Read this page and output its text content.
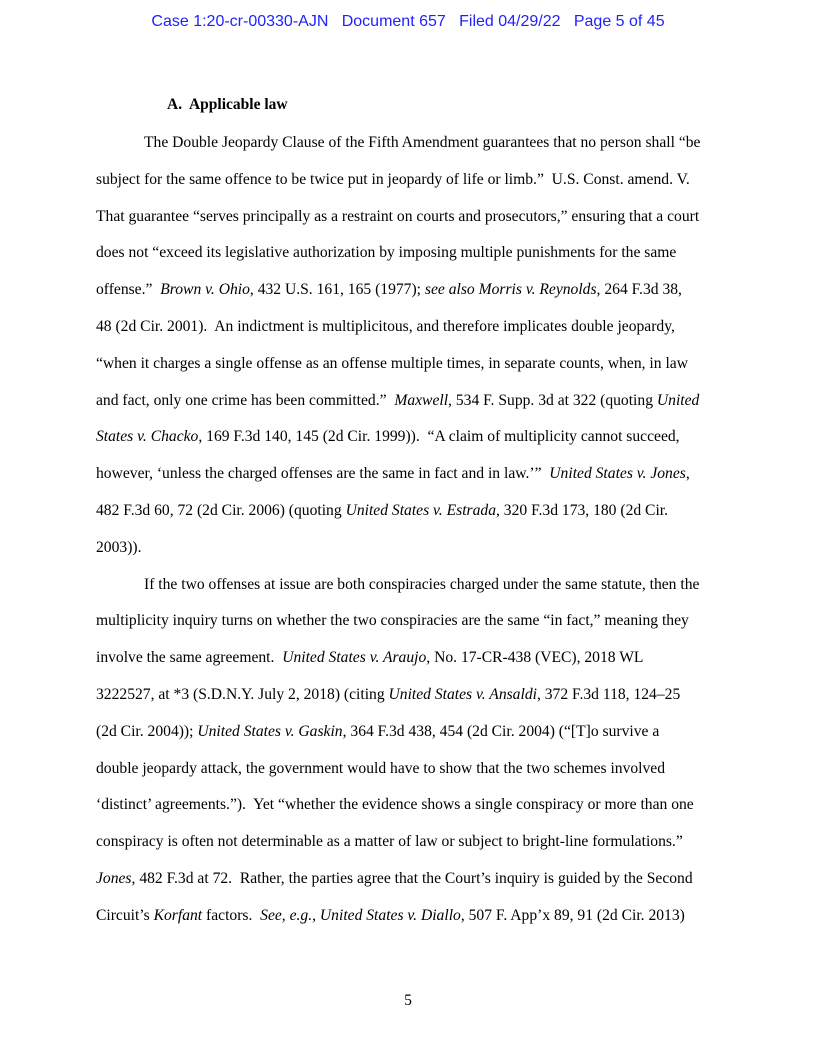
Case 1:20-cr-00330-AJN   Document 657   Filed 04/29/22   Page 5 of 45
A.  Applicable law
The Double Jeopardy Clause of the Fifth Amendment guarantees that no person shall “be
subject for the same offence to be twice put in jeopardy of life or limb.”  U.S. Const. amend. V.
That guarantee “serves principally as a restraint on courts and prosecutors,” ensuring that a court
does not “exceed its legislative authorization by imposing multiple punishments for the same
offense.”  Brown v. Ohio, 432 U.S. 161, 165 (1977); see also Morris v. Reynolds, 264 F.3d 38,
48 (2d Cir. 2001).  An indictment is multiplicitous, and therefore implicates double jeopardy,
“when it charges a single offense as an offense multiple times, in separate counts, when, in law
and fact, only one crime has been committed.”  Maxwell, 534 F. Supp. 3d at 322 (quoting United
States v. Chacko, 169 F.3d 140, 145 (2d Cir. 1999)).  “A claim of multiplicity cannot succeed,
however, ‘unless the charged offenses are the same in fact and in law.’”  United States v. Jones,
482 F.3d 60, 72 (2d Cir. 2006) (quoting United States v. Estrada, 320 F.3d 173, 180 (2d Cir.
2003)).
If the two offenses at issue are both conspiracies charged under the same statute, then the
multiplicity inquiry turns on whether the two conspiracies are the same “in fact,” meaning they
involve the same agreement.  United States v. Araujo, No. 17-CR-438 (VEC), 2018 WL
3222527, at *3 (S.D.N.Y. July 2, 2018) (citing United States v. Ansaldi, 372 F.3d 118, 124–25
(2d Cir. 2004)); United States v. Gaskin, 364 F.3d 438, 454 (2d Cir. 2004) (“[T]o survive a
double jeopardy attack, the government would have to show that the two schemes involved
‘distinct’ agreements.”).  Yet “whether the evidence shows a single conspiracy or more than one
conspiracy is often not determinable as a matter of law or subject to bright-line formulations.”
Jones, 482 F.3d at 72.  Rather, the parties agree that the Court’s inquiry is guided by the Second
Circuit’s Korfant factors.  See, e.g., United States v. Diallo, 507 F. App’x 89, 91 (2d Cir. 2013)
5
